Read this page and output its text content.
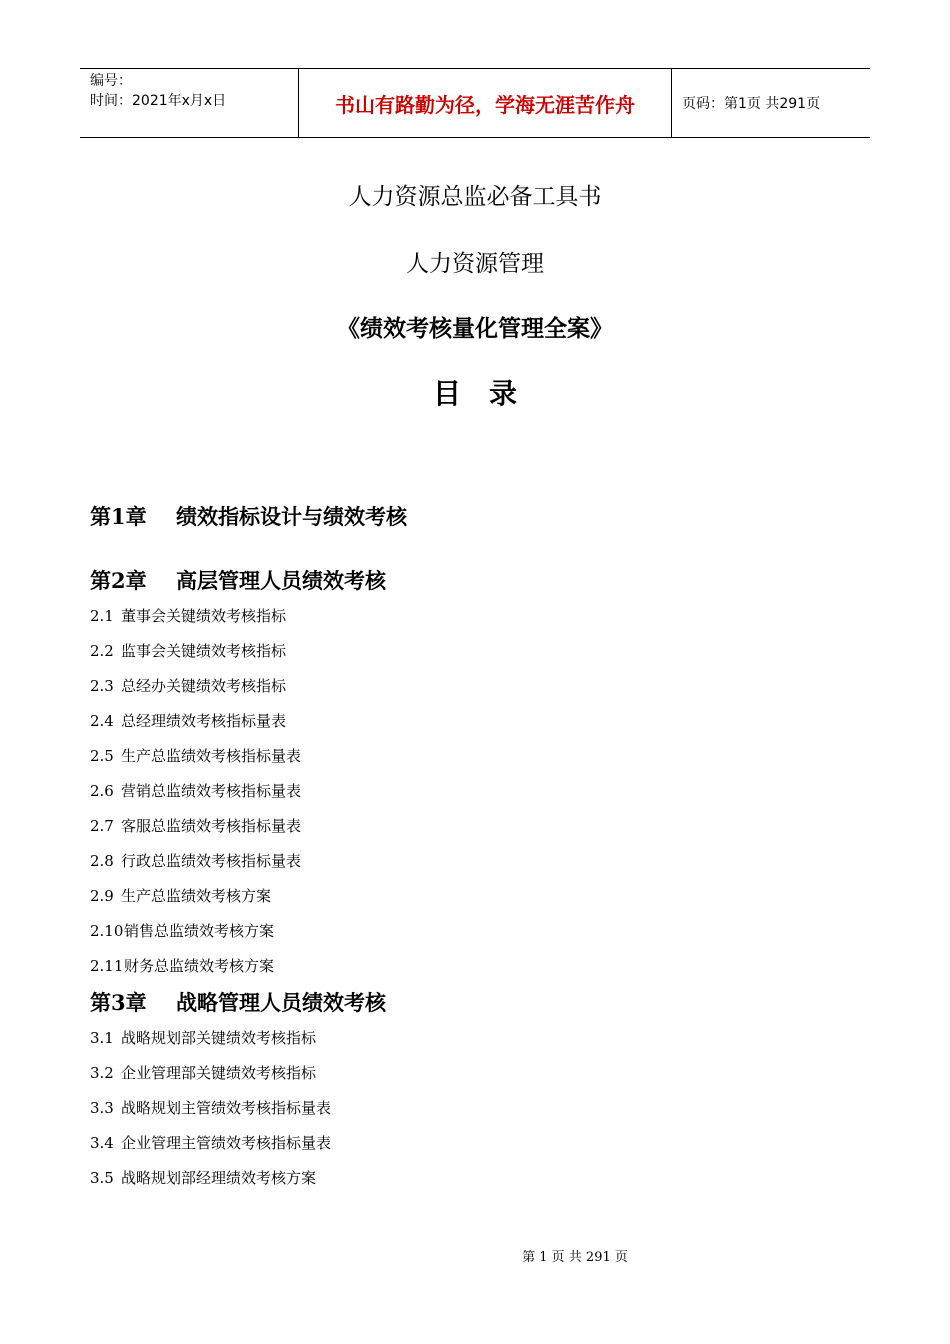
编号：
时间：2021年x月x日	书山有路勤为径，学海无涯苦作舟	页码：第1页 共291页
人力资源总监必备工具书
人力资源管理
《绩效考核量化管理全案》
目录
第1章 绩效指标设计与绩效考核
第2章 高层管理人员绩效考核
2.1 董事会关键绩效考核指标
2.2 监事会关键绩效考核指标
2.3 总经办关键绩效考核指标
2.4 总经理绩效考核指标量表
2.5 生产总监绩效考核指标量表
2.6 营销总监绩效考核指标量表
2.7 客服总监绩效考核指标量表
2.8 行政总监绩效考核指标量表
2.9 生产总监绩效考核方案
2.10销售总监绩效考核方案
2.11财务总监绩效考核方案
第3章 战略管理人员绩效考核
3.1 战略规划部关键绩效考核指标
3.2 企业管理部关键绩效考核指标
3.3 战略规划主管绩效考核指标量表
3.4 企业管理主管绩效考核指标量表
3.5 战略规划部经理绩效考核方案
第 1 页 共 291 页
